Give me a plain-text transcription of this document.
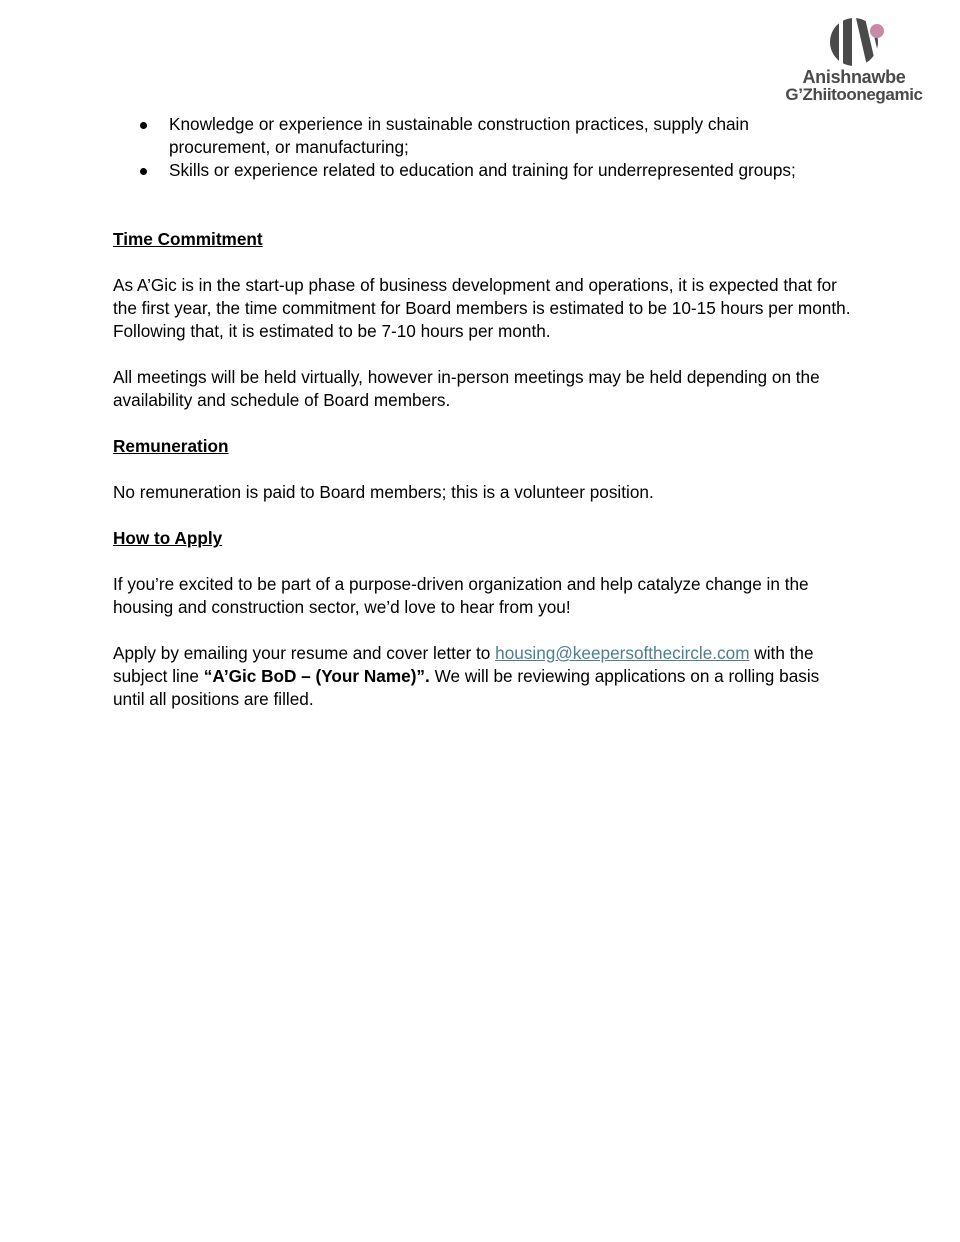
Anishnawbe
G’Zhiitoonegamic
Knowledge or experience in sustainable construction practices, supply chain procurement, or manufacturing;
Skills or experience related to education and training for underrepresented groups;
Time Commitment

As A’Gic is in the start-up phase of business development and operations, it is expected that for the first year, the time commitment for Board members is estimated to be 10-15 hours per month. Following that, it is estimated to be 7-10 hours per month.

All meetings will be held virtually, however in-person meetings may be held depending on the availability and schedule of Board members.

Remuneration

No remuneration is paid to Board members; this is a volunteer position.

How to Apply

If you’re excited to be part of a purpose-driven organization and help catalyze change in the housing and construction sector, we’d love to hear from you!

Apply by emailing your resume and cover letter to housing@keepersofthecircle.com with the subject line “A’Gic BoD – (Your Name)”. We will be reviewing applications on a rolling basis until all positions are filled.
